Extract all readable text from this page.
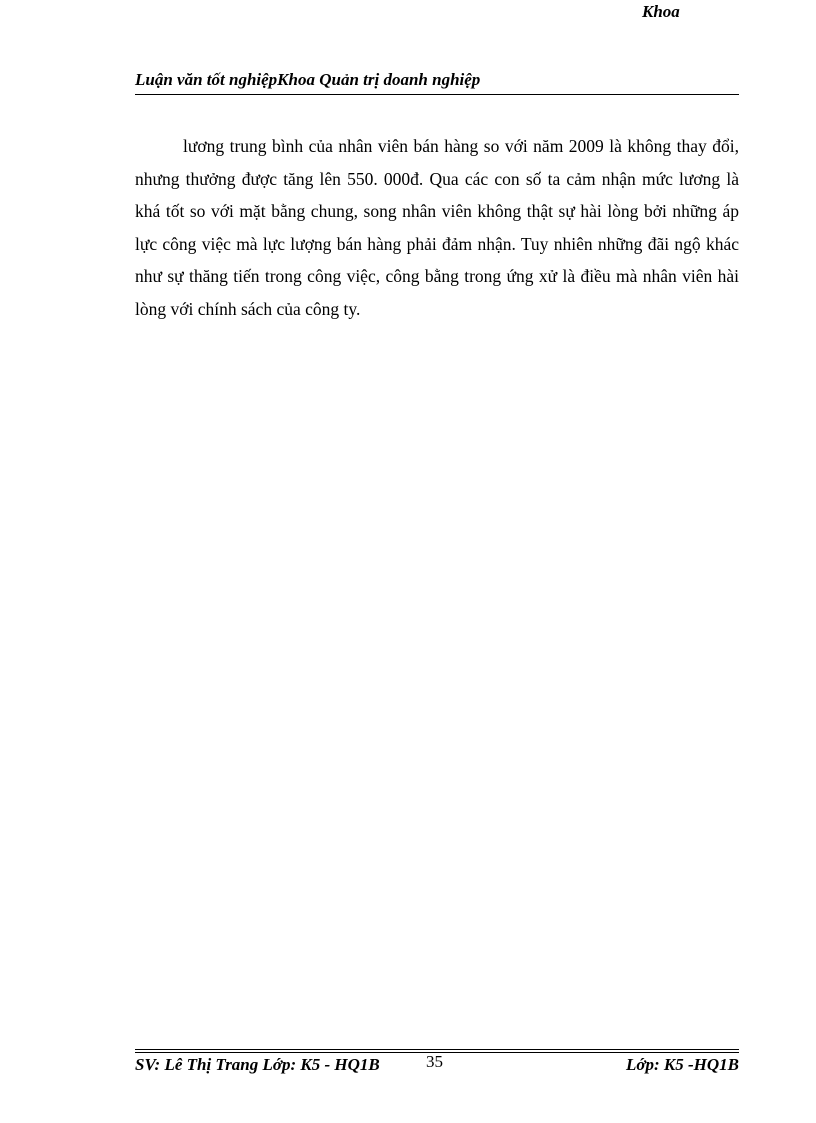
Luận văn tốt nghiệpKhoa Quản trị doanh nghiệp
Khoa

lương trung bình của nhân viên bán hàng so với năm 2009 là không thay đổi, nhưng thưởng được tăng lên 550. 000đ. Qua các con số ta cảm nhận mức lương là khá tốt so với mặt bằng chung, song nhân viên không thật sự hài lòng bởi những áp lực công việc mà lực lượng bán hàng phải đảm nhận. Tuy nhiên những đãi ngộ khác như sự thăng tiến trong công việc, công bằng trong ứng xử là điều mà nhân viên hài lòng với chính sách của công ty.

SV: Lê Thị Trang Lớp: K5 - HQ1B	35	Lớp: K5 -HQ1B
